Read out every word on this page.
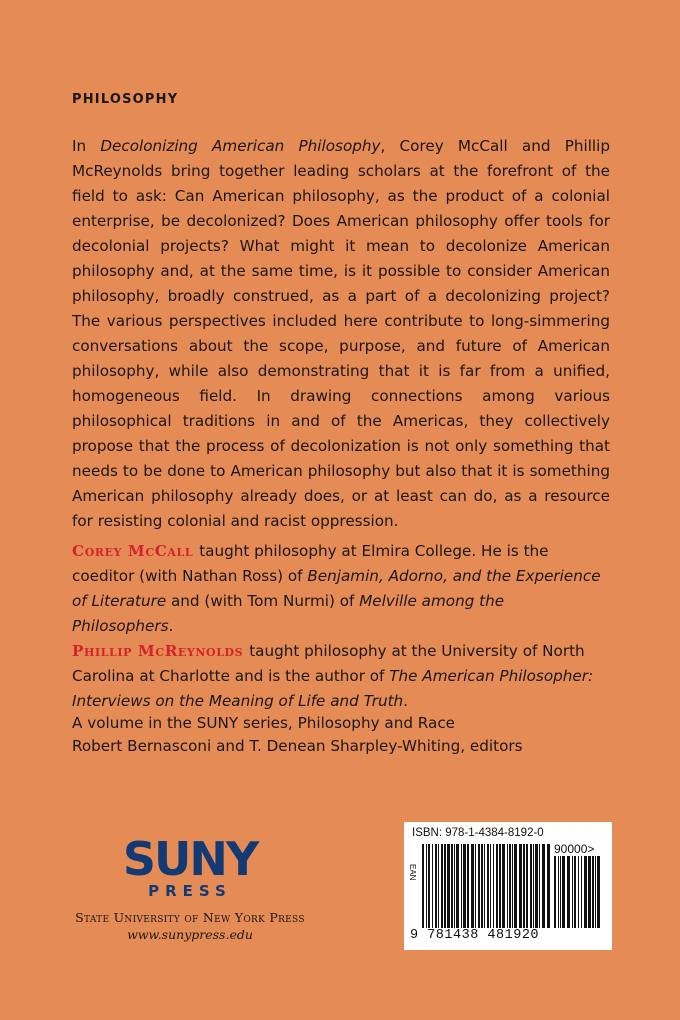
PHILOSOPHY

In Decolonizing American Philosophy, Corey McCall and Phillip McReynolds bring together leading scholars at the forefront of the field to ask: Can American philosophy, as the product of a colonial enterprise, be decolonized? Does American philosophy offer tools for decolonial projects? What might it mean to decolonize American philosophy and, at the same time, is it possible to consider American philosophy, broadly construed, as a part of a decolonizing project? The various perspectives included here contribute to long-simmering conversations about the scope, purpose, and future of American philosophy, while also demonstrating that it is far from a unified, homogeneous field. In drawing connections among various philosophical traditions in and of the Americas, they collectively propose that the process of decolonization is not only something that needs to be done to American philosophy but also that it is something American philosophy already does, or at least can do, as a resource for resisting colonial and racist oppression.

Corey McCall taught philosophy at Elmira College. He is the coeditor (with Nathan Ross) of Benjamin, Adorno, and the Experience of Literature and (with Tom Nurmi) of Melville among the Philosophers.

Phillip McReynolds taught philosophy at the University of North Carolina at Charlotte and is the author of The American Philosopher: Interviews on the Meaning of Life and Truth.

A volume in the SUNY series, Philosophy and Race
Robert Bernasconi and T. Denean Sharpley-Whiting, editors
SUNY
PRESS
State University of New York Press
www.sunypress.edu
ISBN: 978-1-4384-8192-0
EAN
90000>
9 781438 481920
